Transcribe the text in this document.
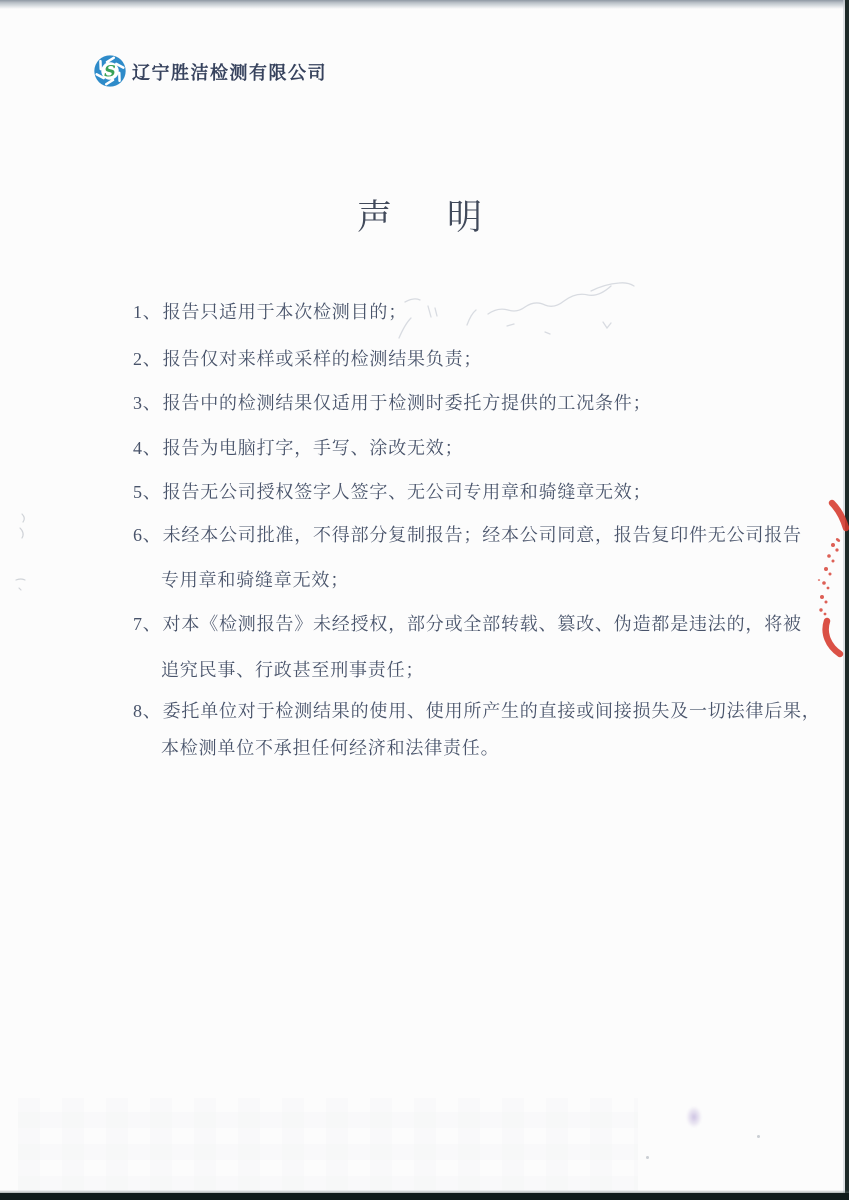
S 辽宁胜洁检测有限公司
声　明
1、报告只适用于本次检测目的；
2、报告仅对来样或采样的检测结果负责；
3、报告中的检测结果仅适用于检测时委托方提供的工况条件；
4、报告为电脑打字，手写、涂改无效；
5、报告无公司授权签字人签字、无公司专用章和骑缝章无效；
6、未经本公司批准，不得部分复制报告；经本公司同意，报告复印件无公司报告
专用章和骑缝章无效；
7、对本《检测报告》未经授权，部分或全部转载、篡改、伪造都是违法的，将被
追究民事、行政甚至刑事责任；
8、委托单位对于检测结果的使用、使用所产生的直接或间接损失及一切法律后果，
本检测单位不承担任何经济和法律责任。
